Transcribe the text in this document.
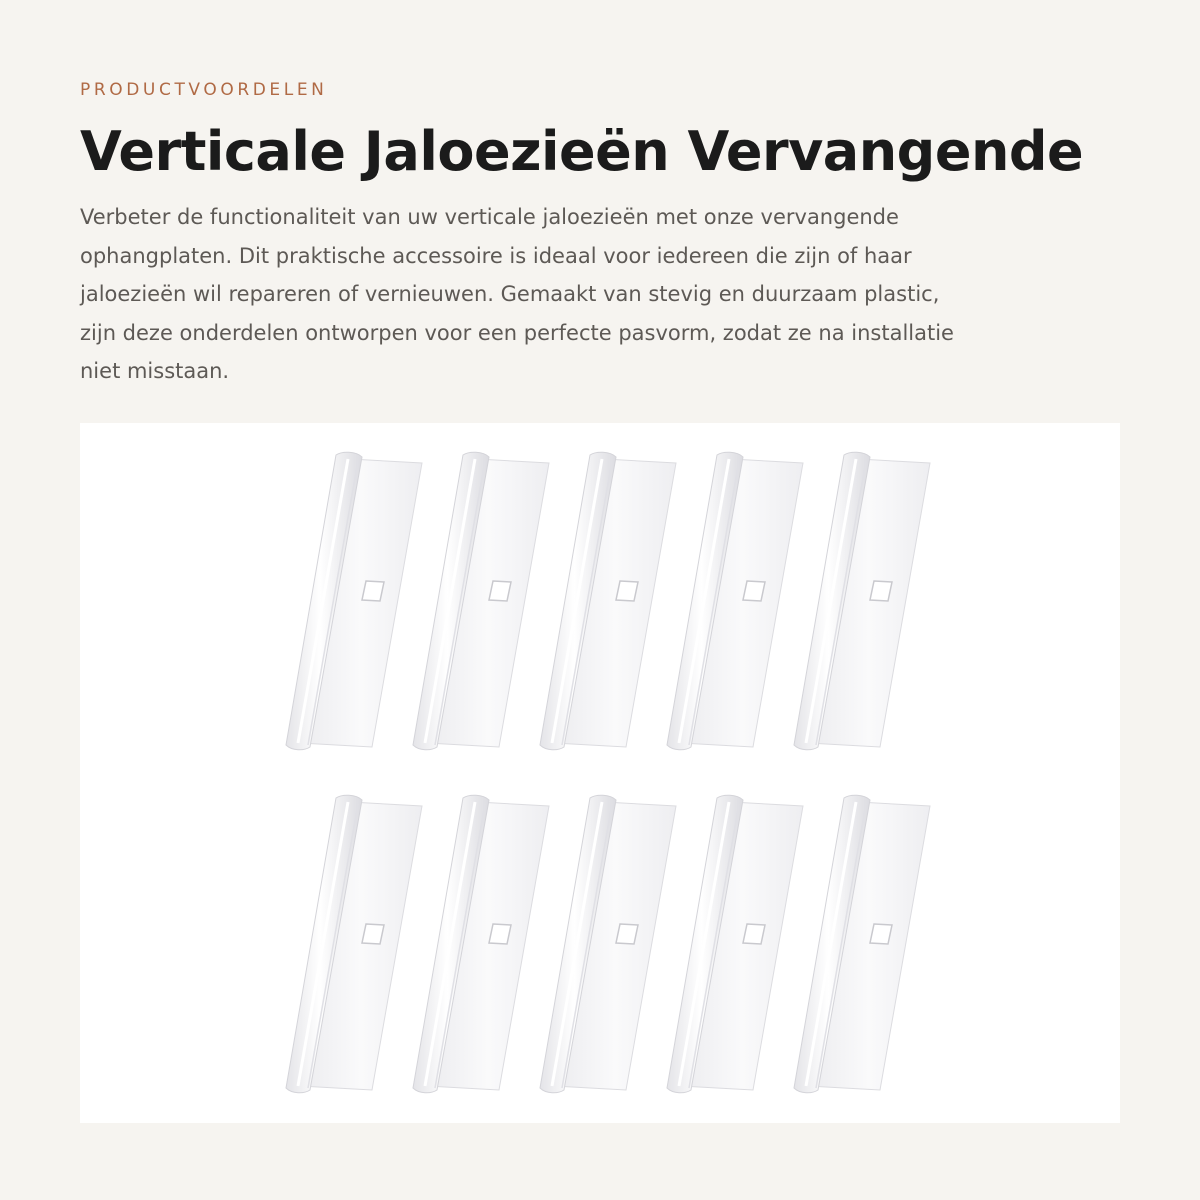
PRODUCTVOORDELEN
Verticale Jaloezieën Vervangende

Verbeter de functionaliteit van uw verticale jaloezieën met onze vervangende
ophangplaten. Dit praktische accessoire is ideaal voor iedereen die zijn of haar
jaloezieën wil repareren of vernieuwen. Gemaakt van stevig en duurzaam plastic,
zijn deze onderdelen ontworpen voor een perfecte pasvorm, zodat ze na installatie
niet misstaan.
